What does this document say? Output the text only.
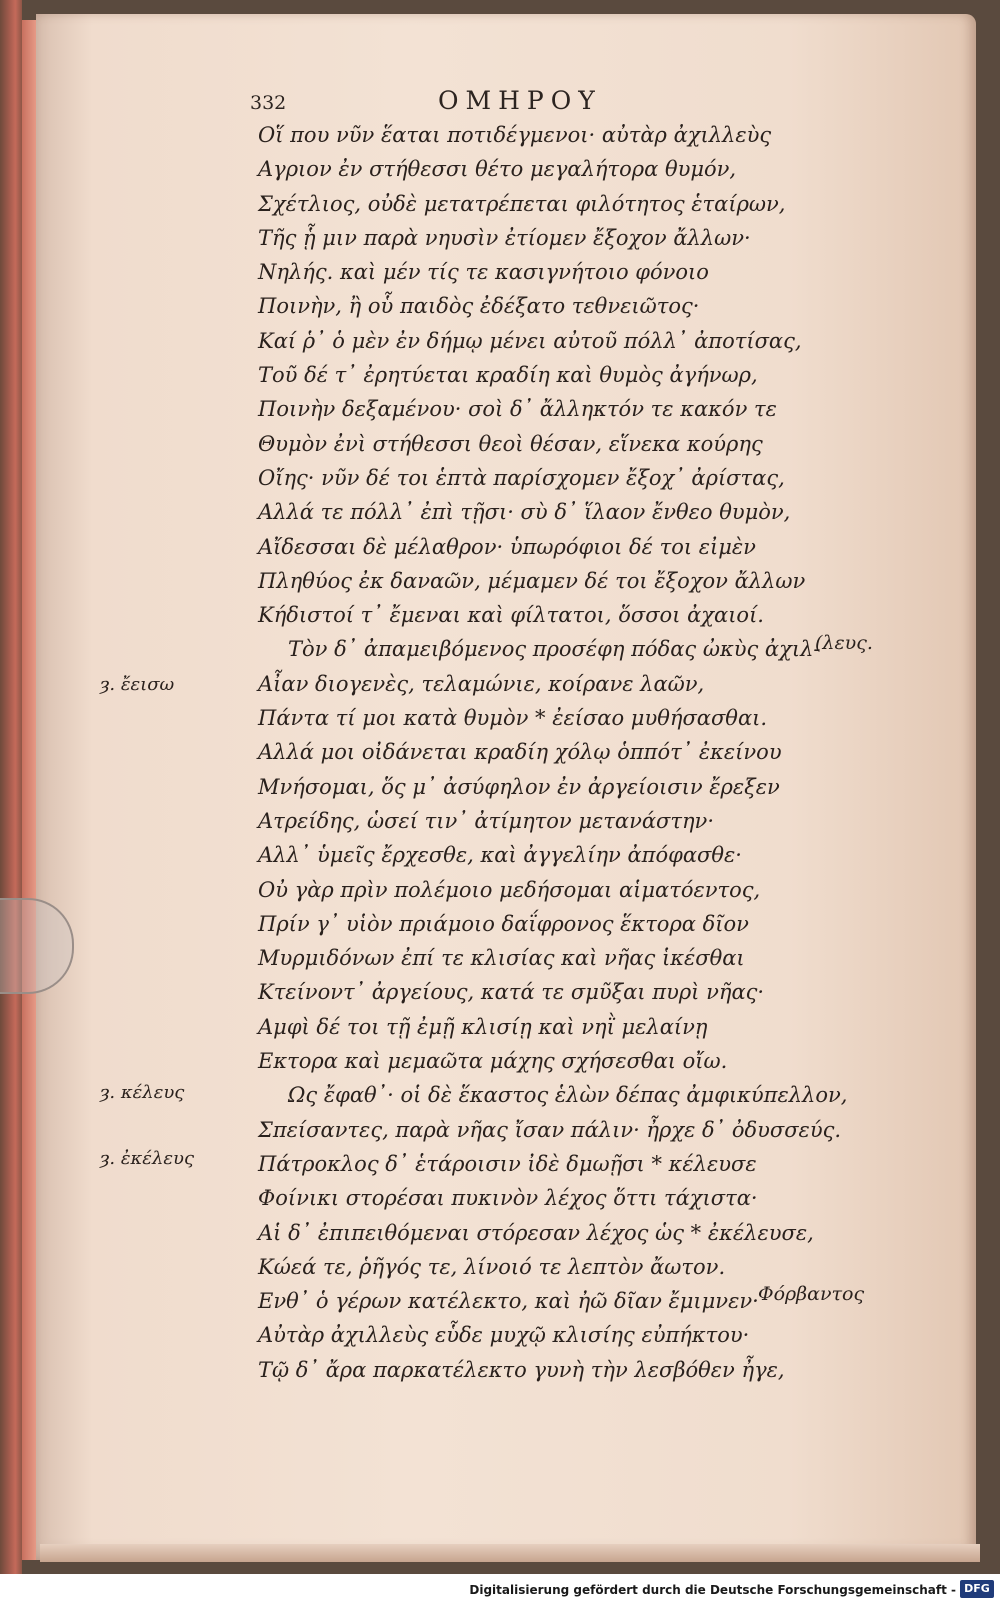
332	ΟΜΗΡΟΥ
Οἵ που νῦν ἕαται ποτιδέγμενοι· αὐτὰρ ἀχιλλεὺς
Αγριον ἐν στήθεσσι θέτο μεγαλήτορα θυμόν,
Σχέτλιος, οὐδὲ μετατρέπεται φιλότητος ἑταίρων,
Τῆς ᾗ μιν παρὰ νηυσὶν ἐτίομεν ἔξοχον ἄλλων·
Νηλής. καὶ μέν τίς τε κασιγνήτοιο φόνοιο
Ποινὴν, ἢ οὗ παιδὸς ἐδέξατο τεθνειῶτος·
Καί ῥ᾽ ὁ μὲν ἐν δήμῳ μένει αὐτοῦ πόλλ᾽ ἀποτίσας,
Τοῦ δέ τ᾽ ἐρητύεται κραδίη καὶ θυμὸς ἀγήνωρ,
Ποινὴν δεξαμένου· σοὶ δ᾽ ἄλληκτόν τε κακόν τε
Θυμὸν ἐνὶ στήθεσσι θεοὶ θέσαν, εἵνεκα κούρης
Οἴης· νῦν δέ τοι ἑπτὰ παρίσχομεν ἔξοχ᾽ ἀρίστας,
Αλλά τε πόλλ᾽ ἐπὶ τῇσι· σὺ δ᾽ ἵλαον ἔνθεο θυμὸν,
Αἴδεσσαι δὲ μέλαθρον· ὑπωρόφιοι δέ τοι εἰμὲν
Πληθύος ἐκ δαναῶν, μέμαμεν δέ τοι ἔξοχον ἄλλων
Κήδιστοί τ᾽ ἔμεναι καὶ φίλτατοι, ὅσσοι ἀχαιοί.
Τὸν δ᾽ ἀπαμειβόμενος προσέφη πόδας ὠκὺς ἀχιλ-
Αἶαν διογενὲς, τελαμώνιε, κοίρανε λαῶν,
Πάντα τί μοι κατὰ θυμὸν * ἐείσαο μυθήσασθαι.
Αλλά μοι οἰδάνεται κραδίη χόλῳ ὁππότ᾽ ἐκείνου
Μνήσομαι, ὅς μ᾽ ἀσύφηλον ἐν ἀργείοισιν ἔρεξεν
Ατρείδης, ὡσεί τιν᾽ ἀτίμητον μετανάστην·
Αλλ᾽ ὑμεῖς ἔρχεσθε, καὶ ἀγγελίην ἀπόφασθε·
Οὐ γὰρ πρὶν πολέμοιο μεδήσομαι αἱματόεντος,
Πρίν γ᾽ υἱὸν πριάμοιο δαΐφρονος ἕκτορα δῖον
Μυρμιδόνων ἐπί τε κλισίας καὶ νῆας ἱκέσθαι
Κτείνοντ᾽ ἀργείους, κατά τε σμῦξαι πυρὶ νῆας·
Αμφὶ δέ τοι τῇ ἐμῇ κλισίῃ καὶ νηῒ μελαίνῃ
Εκτορα καὶ μεμαῶτα μάχης σχήσεσθαι οἴω.
Ως ἔφαθ᾽· οἱ δὲ ἕκαστος ἑλὼν δέπας ἀμφικύπελλον,
Σπείσαντες, παρὰ νῆας ἴσαν πάλιν· ἦρχε δ᾽ ὀδυσσεύς.
Πάτροκλος δ᾽ ἑτάροισιν ἰδὲ δμωῇσι * κέλευσε
Φοίνικι στορέσαι πυκινὸν λέχος ὅττι τάχιστα·
Αἱ δ᾽ ἐπιπειθόμεναι στόρεσαν λέχος ὡς * ἐκέλευσε,
Κώεά τε, ῥῆγός τε, λίνοιό τε λεπτὸν ἄωτον.
Ενθ᾽ ὁ γέρων κατέλεκτο, καὶ ἠῶ δῖαν ἔμιμνεν·
Αὐτὰρ ἀχιλλεὺς εὗδε μυχῷ κλισίης εὐπήκτου·
Τῷ δ᾽ ἄρα παρκατέλεκτο γυνὴ τὴν λεσβόθεν ἦγε,
(λευς.
Φόρβαντος
ȝ. ἔεισω
ȝ. κέλευς
ȝ. ἐκέλευς
Digitalisierung gefördert durch die Deutsche Forschungsgemeinschaft - DFG
